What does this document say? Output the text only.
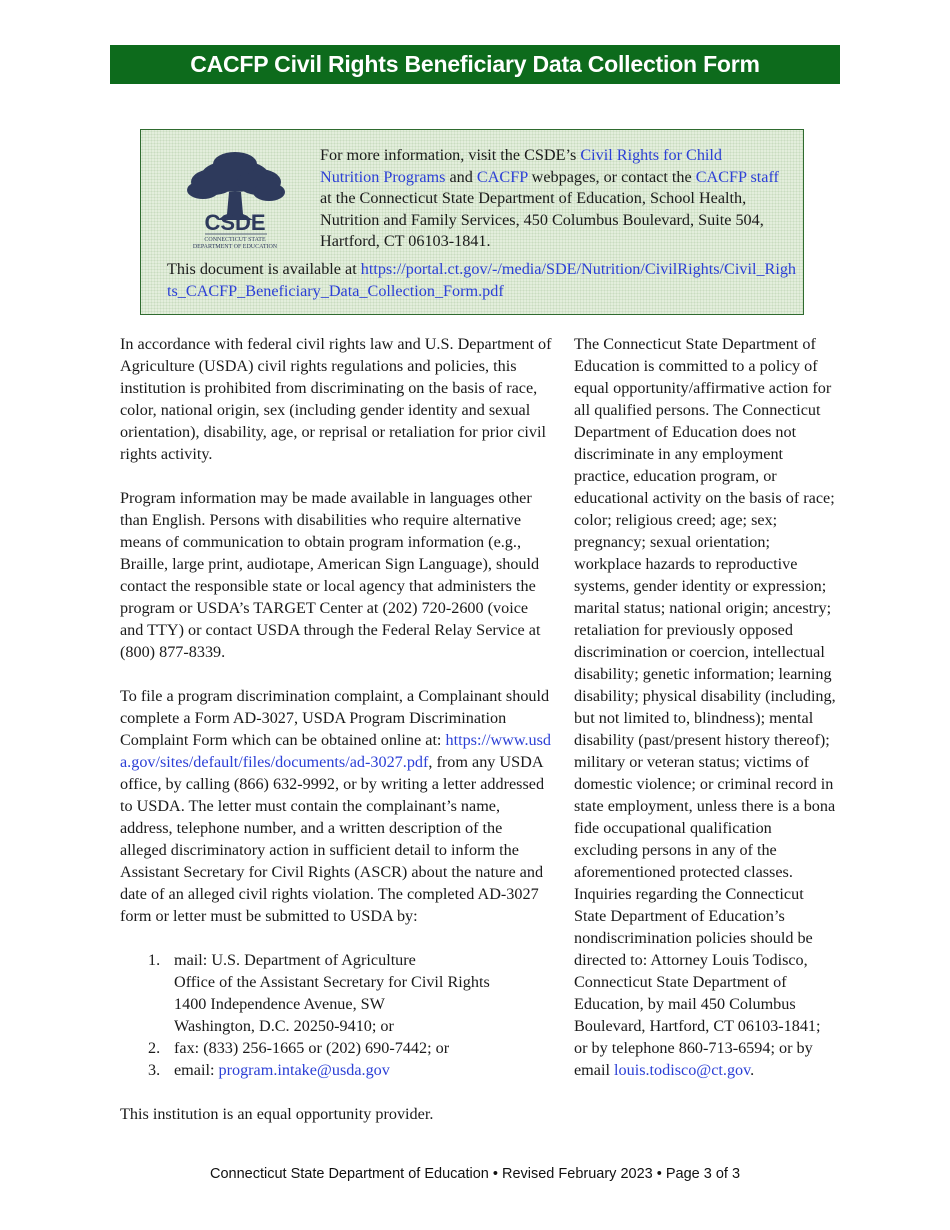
CACFP Civil Rights Beneficiary Data Collection Form
CSDE
CONNECTICUT STATE
DEPARTMENT OF EDUCATION
For more information, visit the CSDE’s Civil Rights for Child Nutrition Programs and CACFP webpages, or contact the CACFP staff at the Connecticut State Department of Education, School Health, Nutrition and Family Services, 450 Columbus Boulevard, Suite 504, Hartford, CT 06103-1841.
This document is available at https://portal.ct.gov/-/media/SDE/Nutrition/CivilRights/Civil_Rights_CACFP_Beneficiary_Data_Collection_Form.pdf

In accordance with federal civil rights law and U.S. Department of Agriculture (USDA) civil rights regulations and policies, this institution is prohibited from discriminating on the basis of race, color, national origin, sex (including gender identity and sexual orientation), disability, age, or reprisal or retaliation for prior civil rights activity.

Program information may be made available in languages other than English. Persons with disabilities who require alternative means of communication to obtain program information (e.g., Braille, large print, audiotape, American Sign Language), should contact the responsible state or local agency that administers the program or USDA’s TARGET Center at (202) 720-2600 (voice and TTY) or contact USDA through the Federal Relay Service at (800) 877-8339.

To file a program discrimination complaint, a Complainant should complete a Form AD-3027, USDA Program Discrimination Complaint Form which can be obtained online at: https://www.usda.gov/sites/default/files/documents/ad-3027.pdf, from any USDA office, by calling (866) 632-9992, or by writing a letter addressed to USDA. The letter must contain the complainant’s name, address, telephone number, and a written description of the alleged discriminatory action in sufficient detail to inform the Assistant Secretary for Civil Rights (ASCR) about the nature and date of an alleged civil rights violation. The completed AD-3027 form or letter must be submitted to USDA by:

1. mail: U.S. Department of Agriculture
Office of the Assistant Secretary for Civil Rights
1400 Independence Avenue, SW
Washington, D.C. 20250-9410; or
2. fax: (833) 256-1665 or (202) 690-7442; or
3. email: program.intake@usda.gov

This institution is an equal opportunity provider.

The Connecticut State Department of Education is committed to a policy of equal opportunity/affirmative action for all qualified persons. The Connecticut Department of Education does not discriminate in any employment practice, education program, or educational activity on the basis of race; color; religious creed; age; sex; pregnancy; sexual orientation; workplace hazards to reproductive systems, gender identity or expression; marital status; national origin; ancestry; retaliation for previously opposed discrimination or coercion, intellectual disability; genetic information; learning disability; physical disability (including, but not limited to, blindness); mental disability (past/present history thereof); military or veteran status; victims of domestic violence; or criminal record in state employment, unless there is a bona fide occupational qualification excluding persons in any of the aforementioned protected classes. Inquiries regarding the Connecticut State Department of Education’s nondiscrimination policies should be directed to: Attorney Louis Todisco, Connecticut State Department of Education, by mail 450 Columbus Boulevard, Hartford, CT 06103-1841; or by telephone 860-713-6594; or by email louis.todisco@ct.gov.

Connecticut State Department of Education • Revised February 2023 • Page 3 of 3
